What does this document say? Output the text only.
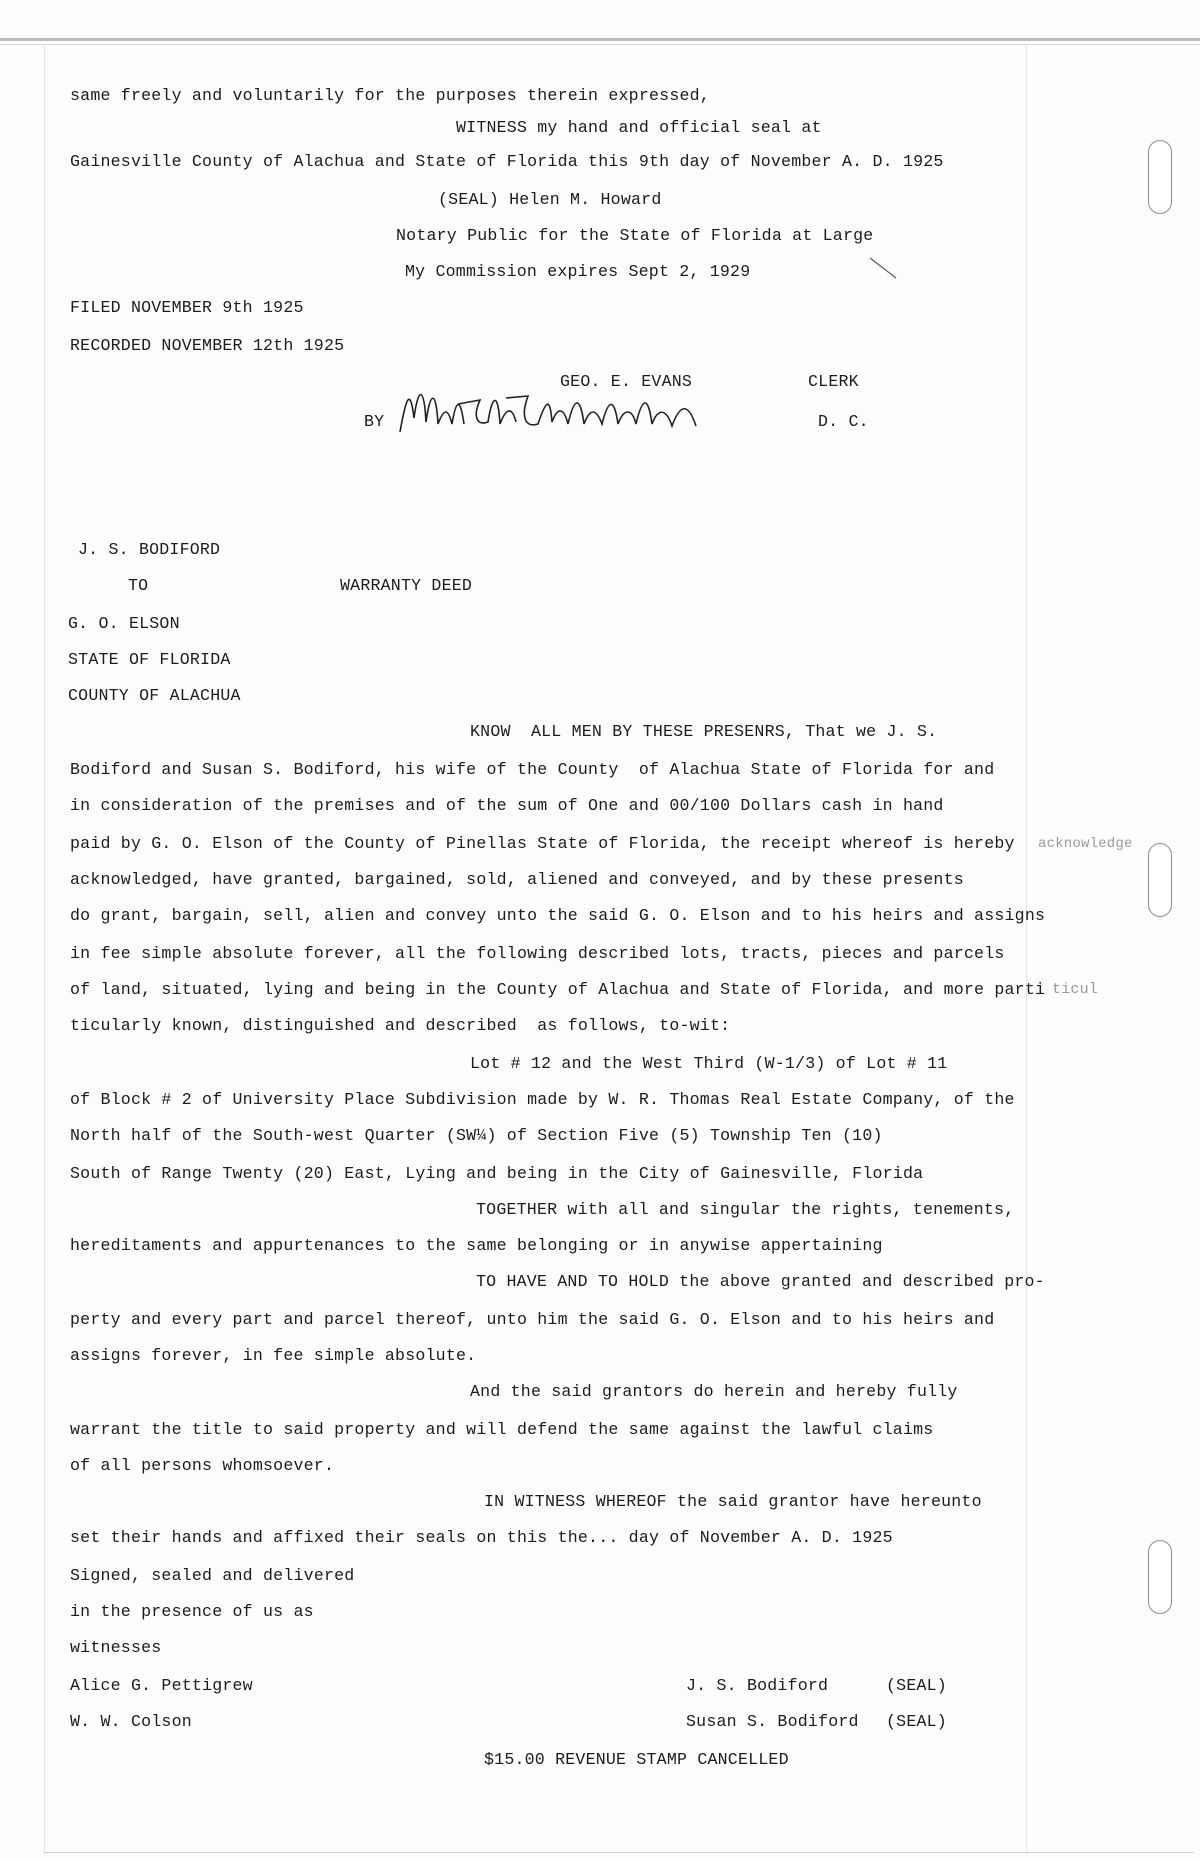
same freely and voluntarily for the purposes therein expressed,

WITNESS my hand and official seal at

Gainesville County of Alachua and State of Florida this 9th day of November A. D. 1925

(SEAL) Helen M. Howard

Notary Public for the State of Florida at Large

My Commission expires Sept 2, 1929

FILED NOVEMBER 9th 1925

RECORDED NOVEMBER 12th 1925

GEO. E. EVANS	CLERK

BY	D. C.

J. S. BODIFORD

TO	WARRANTY DEED

G. O. ELSON

STATE OF FLORIDA

COUNTY OF ALACHUA

KNOW  ALL MEN BY THESE PRESENRS, That we J. S.

Bodiford and Susan S. Bodiford, his wife of the County  of Alachua State of Florida for and

in consideration of the premises and of the sum of One and 00/100 Dollars cash in hand

paid by G. O. Elson of the County of Pinellas State of Florida, the receipt whereof is hereby acknowledge

acknowledged, have granted, bargained, sold, aliened and conveyed, and by these presents

do grant, bargain, sell, alien and convey unto the said G. O. Elson and to his heirs and assigns

in fee simple absolute forever, all the following described lots, tracts, pieces and parcels

of land, situated, lying and being in the County of Alachua and State of Florida, and more parti ticul

ticularly known, distinguished and described  as follows, to-wit:

Lot # 12 and the West Third (W-1/3) of Lot # 11

of Block # 2 of University Place Subdivision made by W. R. Thomas Real Estate Company, of the

North half of the South-west Quarter (SW¼) of Section Five (5) Township Ten (10)

South of Range Twenty (20) East, Lying and being in the City of Gainesville, Florida

TOGETHER with all and singular the rights, tenements,

hereditaments and appurtenances to the same belonging or in anywise appertaining

TO HAVE AND TO HOLD the above granted and described pro-

perty and every part and parcel thereof, unto him the said G. O. Elson and to his heirs and

assigns forever, in fee simple absolute.

And the said grantors do herein and hereby fully

warrant the title to said property and will defend the same against the lawful claims

of all persons whomsoever.

IN WITNESS WHEREOF the said grantor have hereunto

set their hands and affixed their seals on this the... day of November A. D. 1925

Signed, sealed and delivered

in the presence of us as

witnesses

Alice G. Pettigrew

W. W. Colson

J. S. Bodiford	(SEAL)

Susan S. Bodiford (SEAL)

$15.00 REVENUE STAMP CANCELLED
